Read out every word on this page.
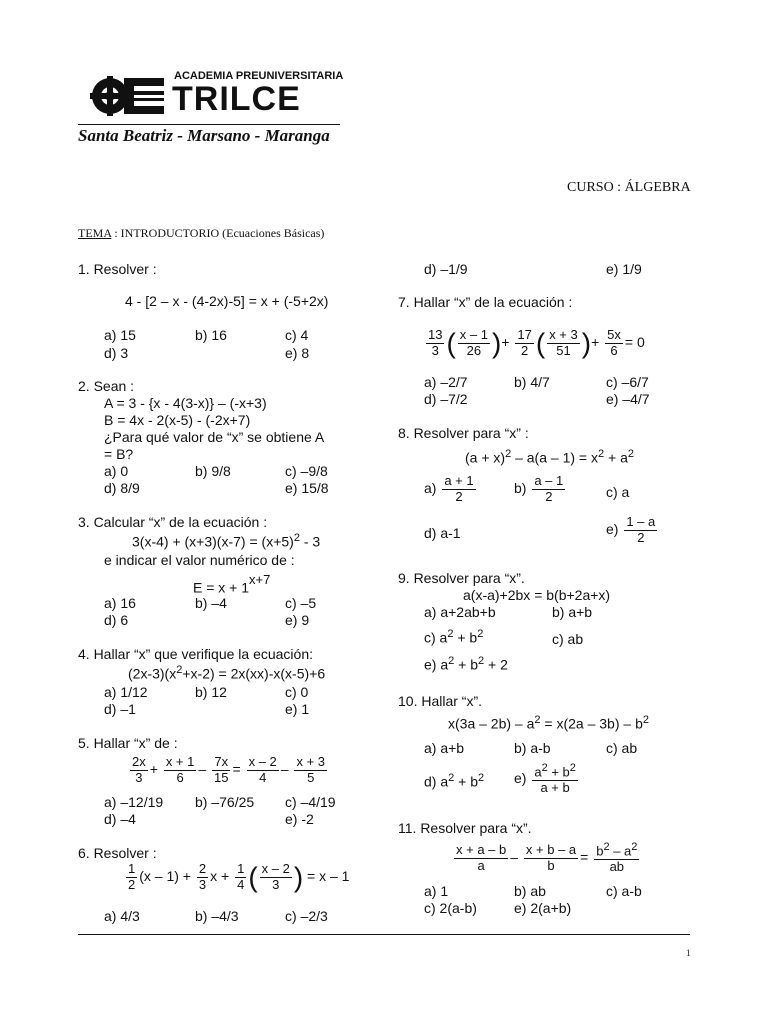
ACADEMIA PREUNIVERSITARIA
TRILCE
Santa Beatriz - Marsano - Maranga
CURSO : ÁLGEBRA
TEMA : INTRODUCTORIO (Ecuaciones Básicas)
1. Resolver :
4 - [2 – x - (4-2x)-5] = x + (-5+2x)
a) 15	b) 16	c) 4
d) 3	e) 8
2. Sean :
A = 3 - {x - 4(3-x)} – (-x+3)
B = 4x - 2(x-5) - (-2x+7)
¿Para qué valor de “x” se obtiene A
= B?
a) 0	b) 9/8	c) –9/8
d) 8/9	e) 15/8
3. Calcular “x” de la ecuación :
$3(x-4) + (x+3)(x-7) = (x+5)^2 - 3$
e indicar el valor numérico de :
$E = x + 1^{x+7}$
a) 16	b) –4	c) –5
d) 6	e) 9
4. Hallar “x” que verifique la ecuación:
$(2x-3)(x^2+x-2) = 2x(xx)-x(x-5)+6$
a) 1/12	b) 12	c) 0
d) –1	e) 1
5. Hallar “x” de :
$\frac{2x}{3} + \frac{x + 1}{6} - \frac{7x}{15} = \frac{x - 2}{4} - \frac{x + 3}{5}$
a) –12/19 b) –76/25 c) –4/19
d) –4	e) -2
6. Resolver :
$\frac{1}{2} (x - 1) + \frac{2}{3}$ $x + \frac{1}{4}$ ( $\frac{x - 2}{3}$ ) = x – 1
a) 4/3	b) –4/3	c) –2/3
d) –1/9	e) 1/9
7. Hallar “x” de la ecuación :
$\frac{13}{3}$ ( $\frac{x - 1}{26}$ )+ $\frac{17}{2}$ ( $\frac{x + 3}{51}$ )+ $\frac{5x}{6} = 0$
a) –2/7	b) 4/7	c) –6/7
d) –7/2	e) –4/7
8. Resolver para “x” :
$(a + x)^2 - a(a - 1) = x^2 + a^2$
$a) \frac{a + 1}{2}$	$b) \frac{a - 1}{2}$	c) a
d) a-1	$e) \frac{1 - a}{2}$
9. Resolver para “x”.
a(x-a)+2bx = b(b+2a+x)
a) a+2ab+b	b) a+b
c) $a^2 + b^2$	c) ab
e) $a^2 + b^2 + 2$
10. Hallar “x”.
$x(3a - 2b) - a^2 = x(2a - 3b) - b^2$
a) a+b	b) a-b	c) ab
d) $a^2 + b^2$ $e) \frac{a^2 + b^2}{a + b}$
11. Resolver para “x”.
$\frac{x + a - b}{a} - \frac{x + b - a}{b} = \frac{b^2 - a^2}{ab}$
a) 1	b) ab	c) a-b
c) 2(a-b)	e) 2(a+b)
1
